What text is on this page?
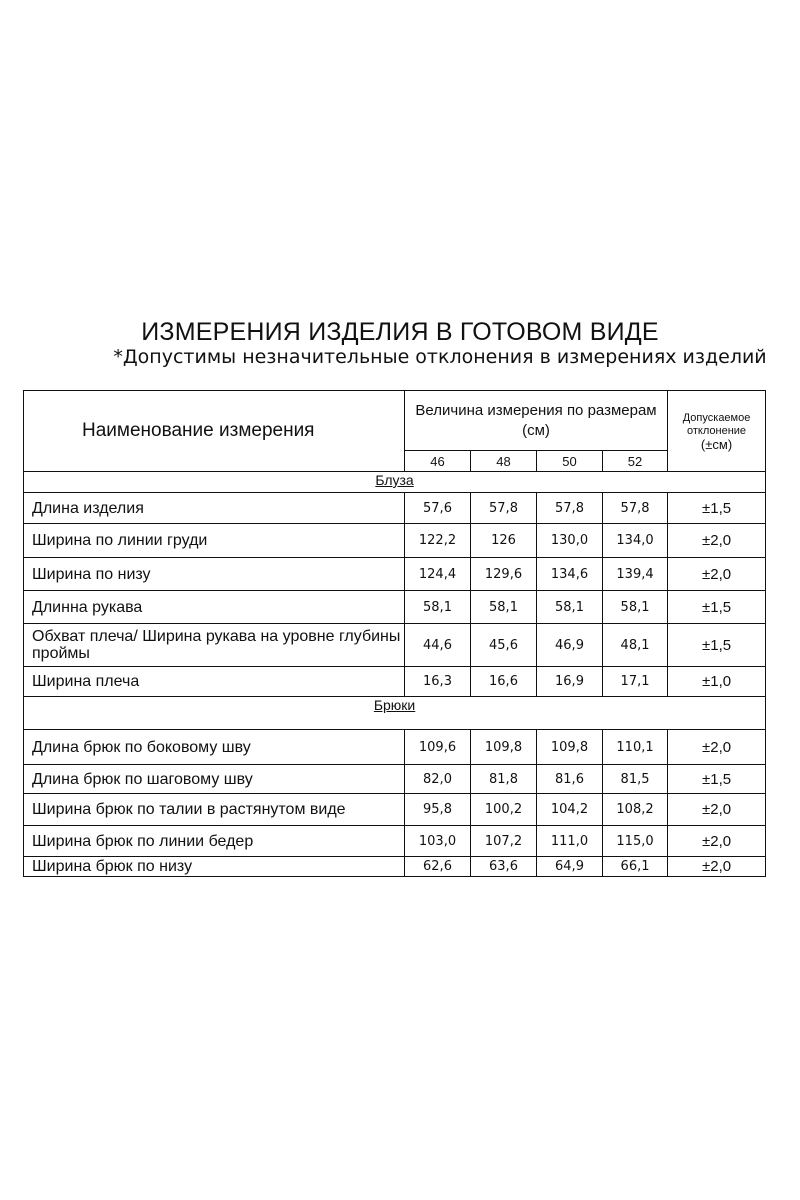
ИЗМЕРЕНИЯ ИЗДЕЛИЯ В ГОТОВОМ ВИДЕ
*Допустимы незначительные отклонения в измерениях изделий
Наименование измерения	Величина измерения по размерам (см)				Допускаемое
отклонение
(±см)

	46	48	50	52	
Блуза					
Длина изделия	57,6	57,8	57,8	57,8	±1,5
Ширина по линии груди	122,2	126	130,0	134,0	±2,0
Ширина по низу	124,4	129,6	134,6	139,4	±2,0
Длинна рукава	58,1	58,1	58,1	58,1	±1,5
Обхват плеча/ Ширина рукава на уровне глубины проймы	44,6	45,6	46,9	48,1	±1,5
Ширина плеча	16,3	16,6	16,9	17,1	±1,0
Брюки					
Длина брюк по боковому шву	109,6	109,8	109,8	110,1	±2,0
Длина брюк по шаговому шву	82,0	81,8	81,6	81,5	±1,5
Ширина брюк по талии в растянутом виде	95,8	100,2	104,2	108,2	±2,0
Ширина брюк по линии бедер	103,0	107,2	111,0	115,0	±2,0
Ширина брюк по низу	62,6	63,6	64,9	66,1	±2,0
